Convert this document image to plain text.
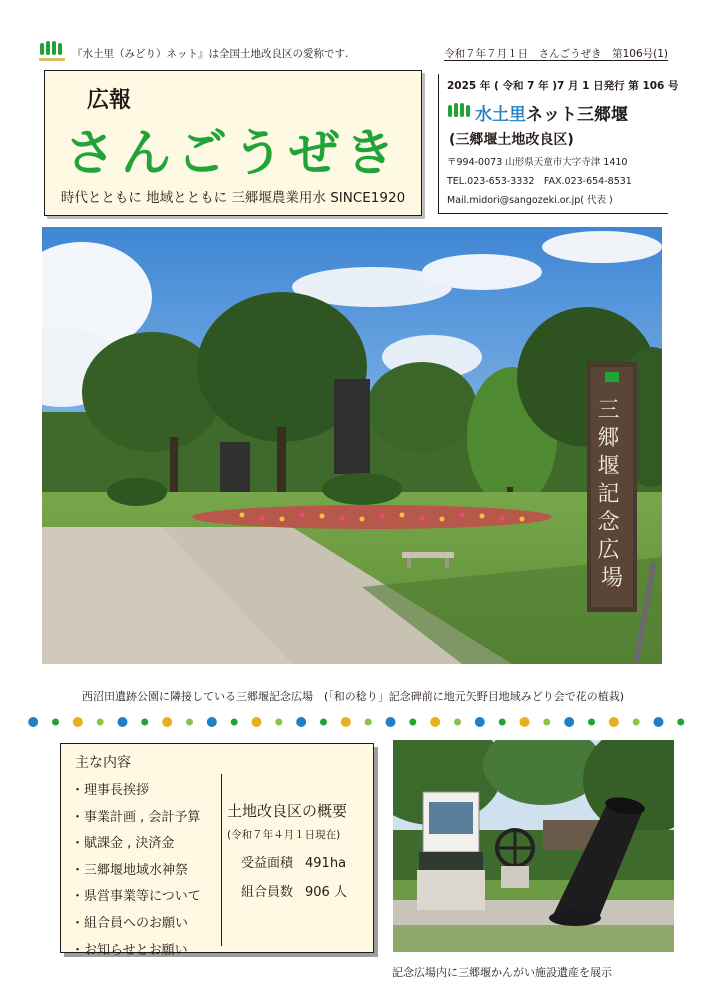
『水土里（みどり）ネット』は全国土地改良区の愛称です.	令和７年７月１日　さんごうぜき　第106号(1)
広報
さんごうぜき
時代とともに 地域とともに 三郷堰農業用水 SINCE1920
2025 年 ( 令和 7 年 )7 月 1 日発行 第 106 号
水土里ネット三郷堰
(三郷堰土地改良区)
〒994-0073 山形県天童市大字寺津 1410
TEL.023-653-3332　FAX.023-654-8531
Mail.midori@sangozeki.or.jp( 代表 )
三 郷 堰 記 念 広 場
西沼田遺跡公園に隣接している三郷堰記念広場　(「和の稔り」記念碑前に地元矢野目地域みどり会で花の植栽)
主な内容
・ 理事長挨拶
・ 事業計画 , 会計予算
・ 賦課金 , 決済金
・ 三郷堰地域水神祭
・ 県営事業等について
・ 組合員へのお願い
・ お知らせとお願い
土地改良区の概要
(令和７年４月１日現在)
受益面積 491ha
組合員数 906 人
記念広場内に三郷堰かんがい施設遺産を展示
